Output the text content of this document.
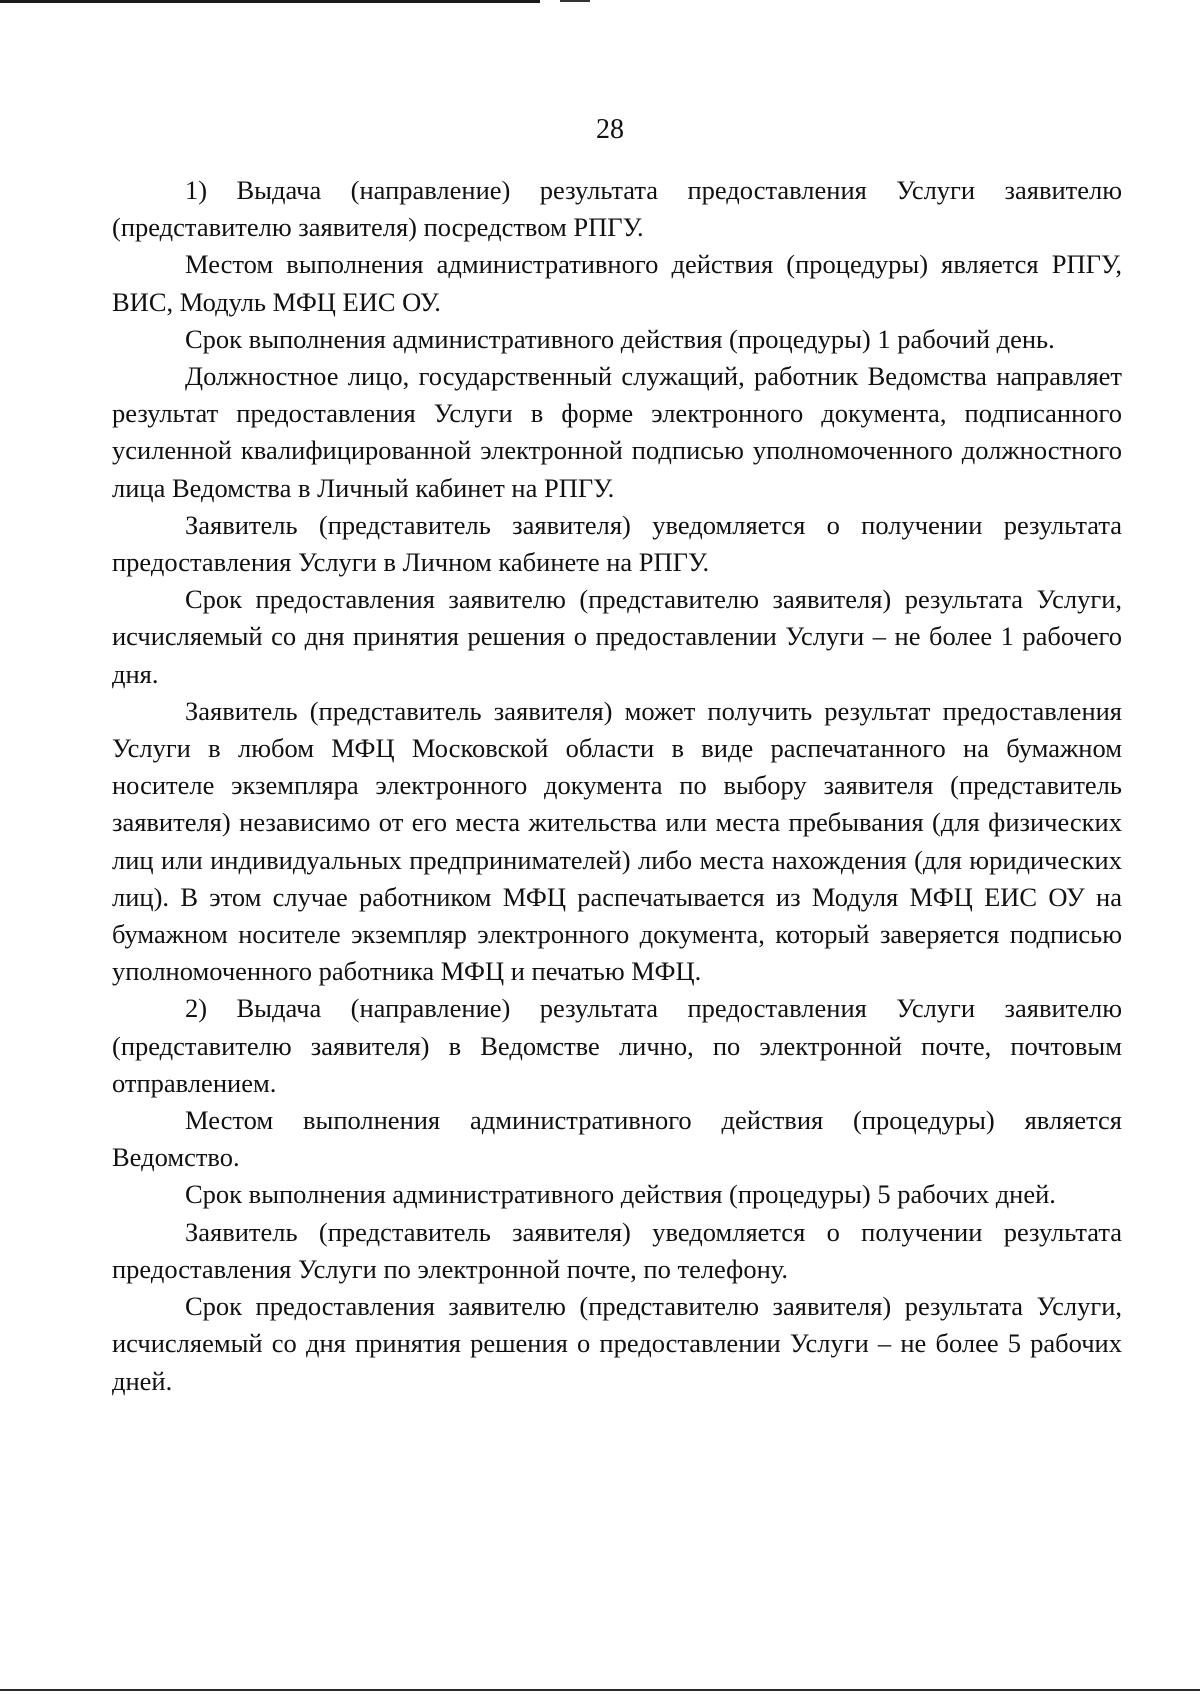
28

1) Выдача (направление) результата предоставления Услуги заявителю (представителю заявителя) посредством РПГУ.

Местом выполнения административного действия (процедуры) является РПГУ, ВИС, Модуль МФЦ ЕИС ОУ.

Срок выполнения административного действия (процедуры) 1 рабочий день.

Должностное лицо, государственный служащий, работник Ведомства направляет результат предоставления Услуги в форме электронного документа, подписанного усиленной квалифицированной электронной подписью уполномоченного должностного лица Ведомства в Личный кабинет на РПГУ.

Заявитель (представитель заявителя) уведомляется о получении результата предоставления Услуги в Личном кабинете на РПГУ.

Срок предоставления заявителю (представителю заявителя) результата Услуги, исчисляемый со дня принятия решения о предоставлении Услуги – не более 1 рабочего дня.

Заявитель (представитель заявителя) может получить результат предоставления Услуги в любом МФЦ Московской области в виде распечатанного на бумажном носителе экземпляра электронного документа по выбору заявителя (представитель заявителя) независимо от его места жительства или места пребывания (для физических лиц или индивидуальных предпринимателей) либо места нахождения (для юридических лиц). В этом случае работником МФЦ распечатывается из Модуля МФЦ ЕИС ОУ на бумажном носителе экземпляр электронного документа, который заверяется подписью уполномоченного работника МФЦ и печатью МФЦ.

2) Выдача (направление) результата предоставления Услуги заявителю (представителю заявителя) в Ведомстве лично, по электронной почте, почтовым отправлением.

Местом выполнения административного действия (процедуры) является Ведомство.

Срок выполнения административного действия (процедуры) 5 рабочих дней.

Заявитель (представитель заявителя) уведомляется о получении результата предоставления Услуги по электронной почте, по телефону.

Срок предоставления заявителю (представителю заявителя) результата Услуги, исчисляемый со дня принятия решения о предоставлении Услуги – не более 5 рабочих дней.
